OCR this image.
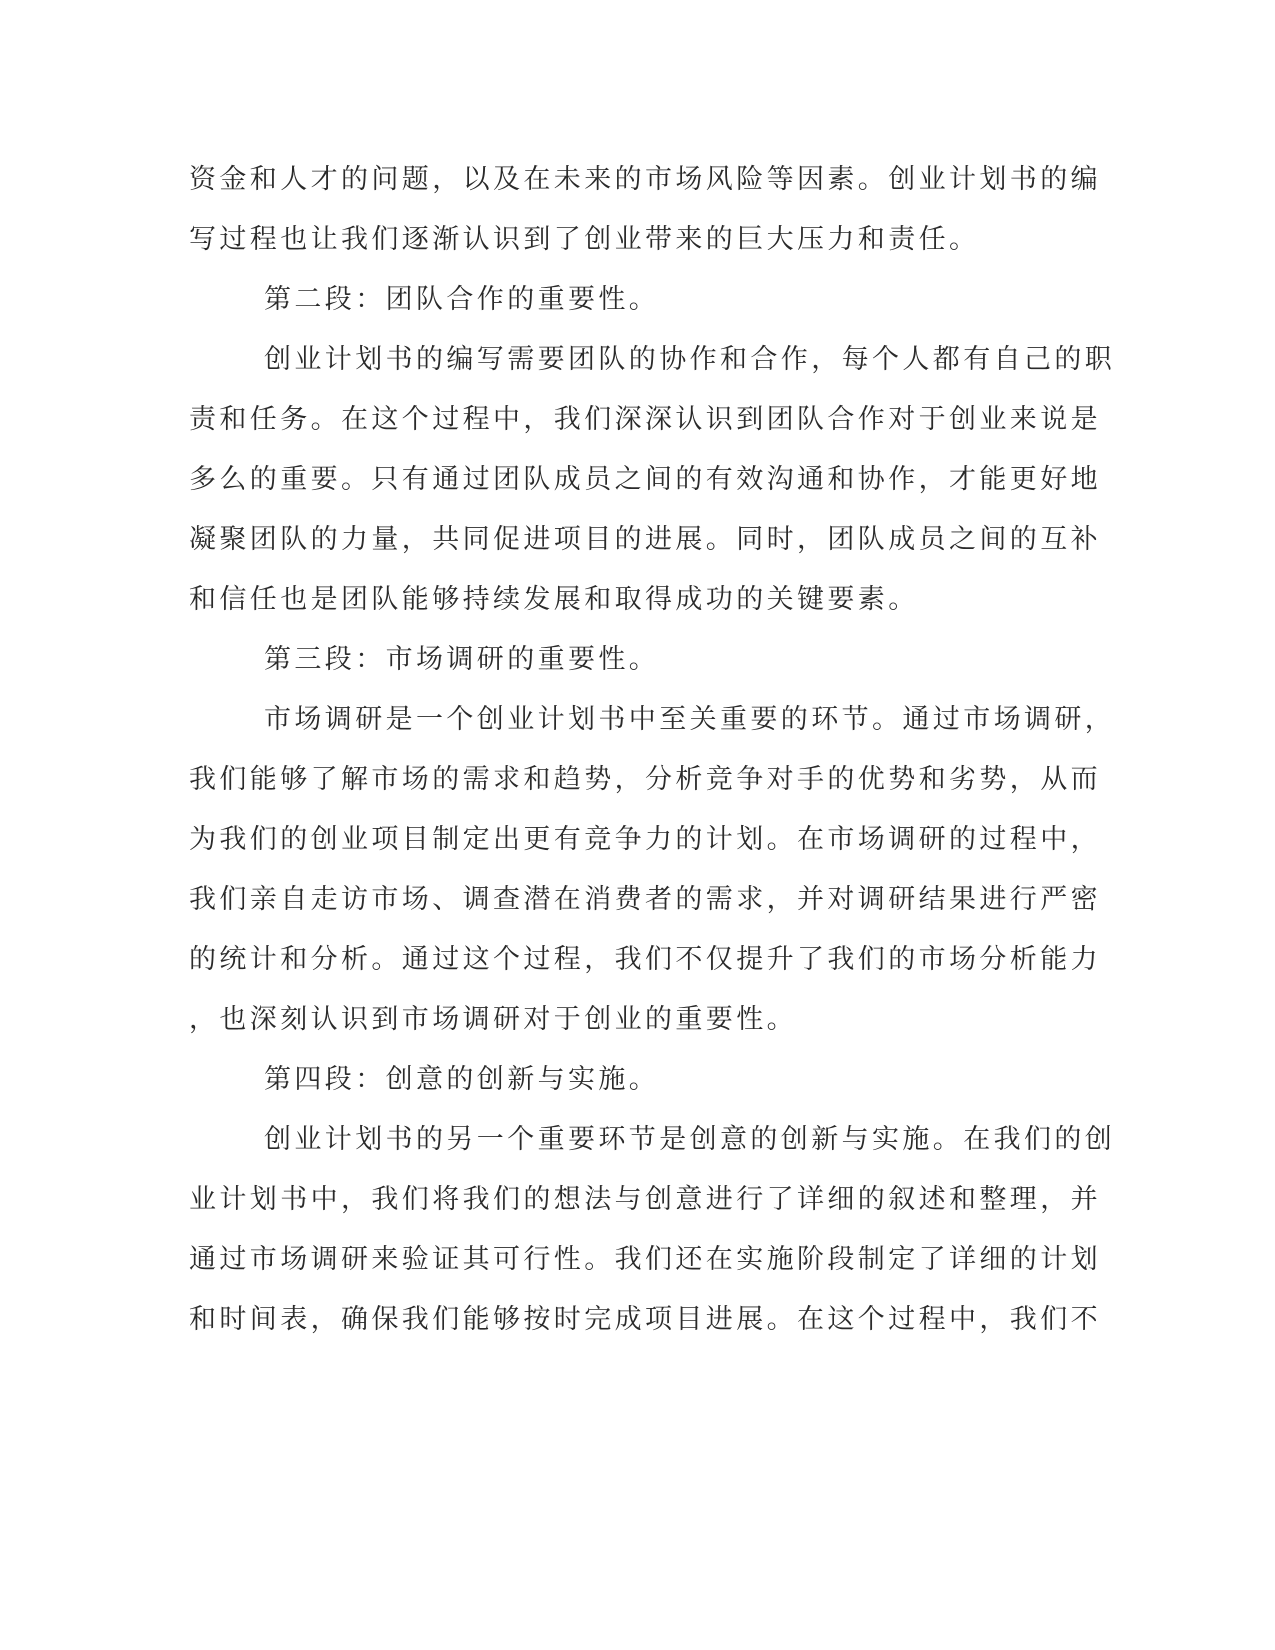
资金和人才的问题，以及在未来的市场风险等因素。创业计划书的编

写过程也让我们逐渐认识到了创业带来的巨大压力和责任。

第二段：团队合作的重要性。

创业计划书的编写需要团队的协作和合作，每个人都有自己的职

责和任务。在这个过程中，我们深深认识到团队合作对于创业来说是

多么的重要。只有通过团队成员之间的有效沟通和协作，才能更好地

凝聚团队的力量，共同促进项目的进展。同时，团队成员之间的互补

和信任也是团队能够持续发展和取得成功的关键要素。

第三段：市场调研的重要性。

市场调研是一个创业计划书中至关重要的环节。通过市场调研，

我们能够了解市场的需求和趋势，分析竞争对手的优势和劣势，从而

为我们的创业项目制定出更有竞争力的计划。在市场调研的过程中，

我们亲自走访市场、调查潜在消费者的需求，并对调研结果进行严密

的统计和分析。通过这个过程，我们不仅提升了我们的市场分析能力

，也深刻认识到市场调研对于创业的重要性。

第四段：创意的创新与实施。

创业计划书的另一个重要环节是创意的创新与实施。在我们的创

业计划书中，我们将我们的想法与创意进行了详细的叙述和整理，并

通过市场调研来验证其可行性。我们还在实施阶段制定了详细的计划

和时间表，确保我们能够按时完成项目进展。在这个过程中，我们不
